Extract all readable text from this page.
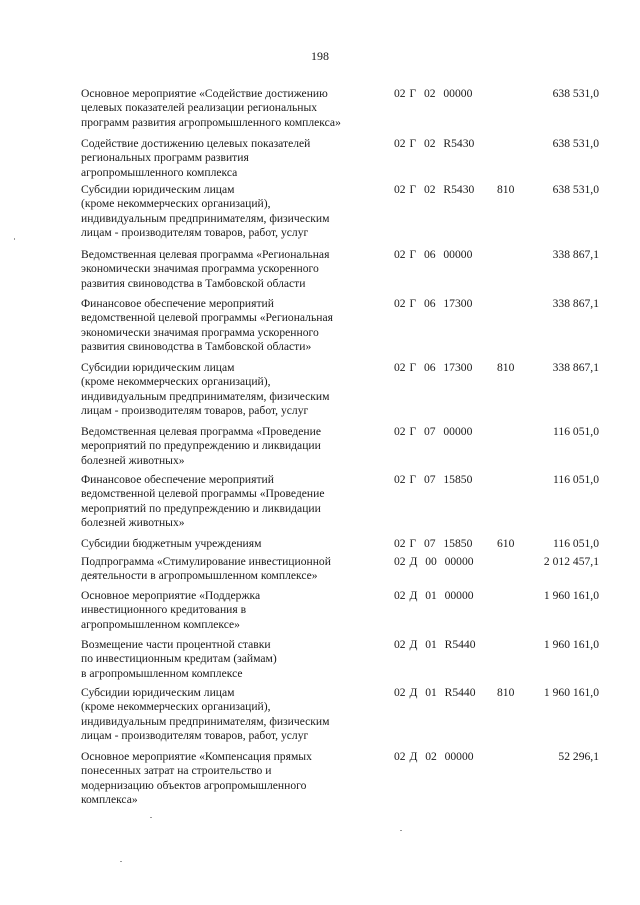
198
Основное мероприятие «Содействие достижению
целевых показателей реализации региональных
программ развития агропромышленного комплекса»
02 Г  02  00000	638 531,0
Содействие достижению целевых показателей
региональных программ развития
агропромышленного комплекса
02 Г  02  R5430	638 531,0
Субсидии юридическим лицам
(кроме некоммерческих организаций),
индивидуальным предпринимателям, физическим
лицам - производителям товаров, работ, услуг
02 Г  02  R5430 810	638 531,0
Ведомственная целевая программа «Региональная
экономически значимая программа ускоренного
развития свиноводства в Тамбовской области
02 Г  06  00000	338 867,1
Финансовое обеспечение мероприятий
ведомственной целевой программы «Региональная
экономически значимая программа ускоренного
развития свиноводства в Тамбовской области»
02 Г  06  17300	338 867,1
Субсидии юридическим лицам
(кроме некоммерческих организаций),
индивидуальным предпринимателям, физическим
лицам - производителям товаров, работ, услуг
02 Г  06  17300 810	338 867,1
Ведомственная целевая программа «Проведение
мероприятий по предупреждению и ликвидации
болезней животных»
02 Г  07  00000	116 051,0
Финансовое обеспечение мероприятий
ведомственной целевой программы «Проведение
мероприятий по предупреждению и ликвидации
болезней животных»
02 Г  07  15850	116 051,0
Субсидии бюджетным учреждениям	02 Г  07  15850 610	116 051,0
Подпрограмма «Стимулирование инвестиционной
деятельности в агропромышленном комплексе»
02 Д  00  00000	2 012 457,1
Основное мероприятие «Поддержка
инвестиционного кредитования в
агропромышленном комплексе»
02 Д  01  00000	1 960 161,0
Возмещение части процентной ставки
по инвестиционным кредитам (займам)
в агропромышленном комплексе
02 Д  01  R5440	1 960 161,0
Субсидии юридическим лицам
(кроме некоммерческих организаций),
индивидуальным предпринимателям, физическим
лицам - производителям товаров, работ, услуг
02 Д  01  R5440 810	1 960 161,0
Основное мероприятие «Компенсация прямых
понесенных затрат на строительство и
модернизацию объектов агропромышленного
комплекса»
02 Д  02  00000	52 296,1
